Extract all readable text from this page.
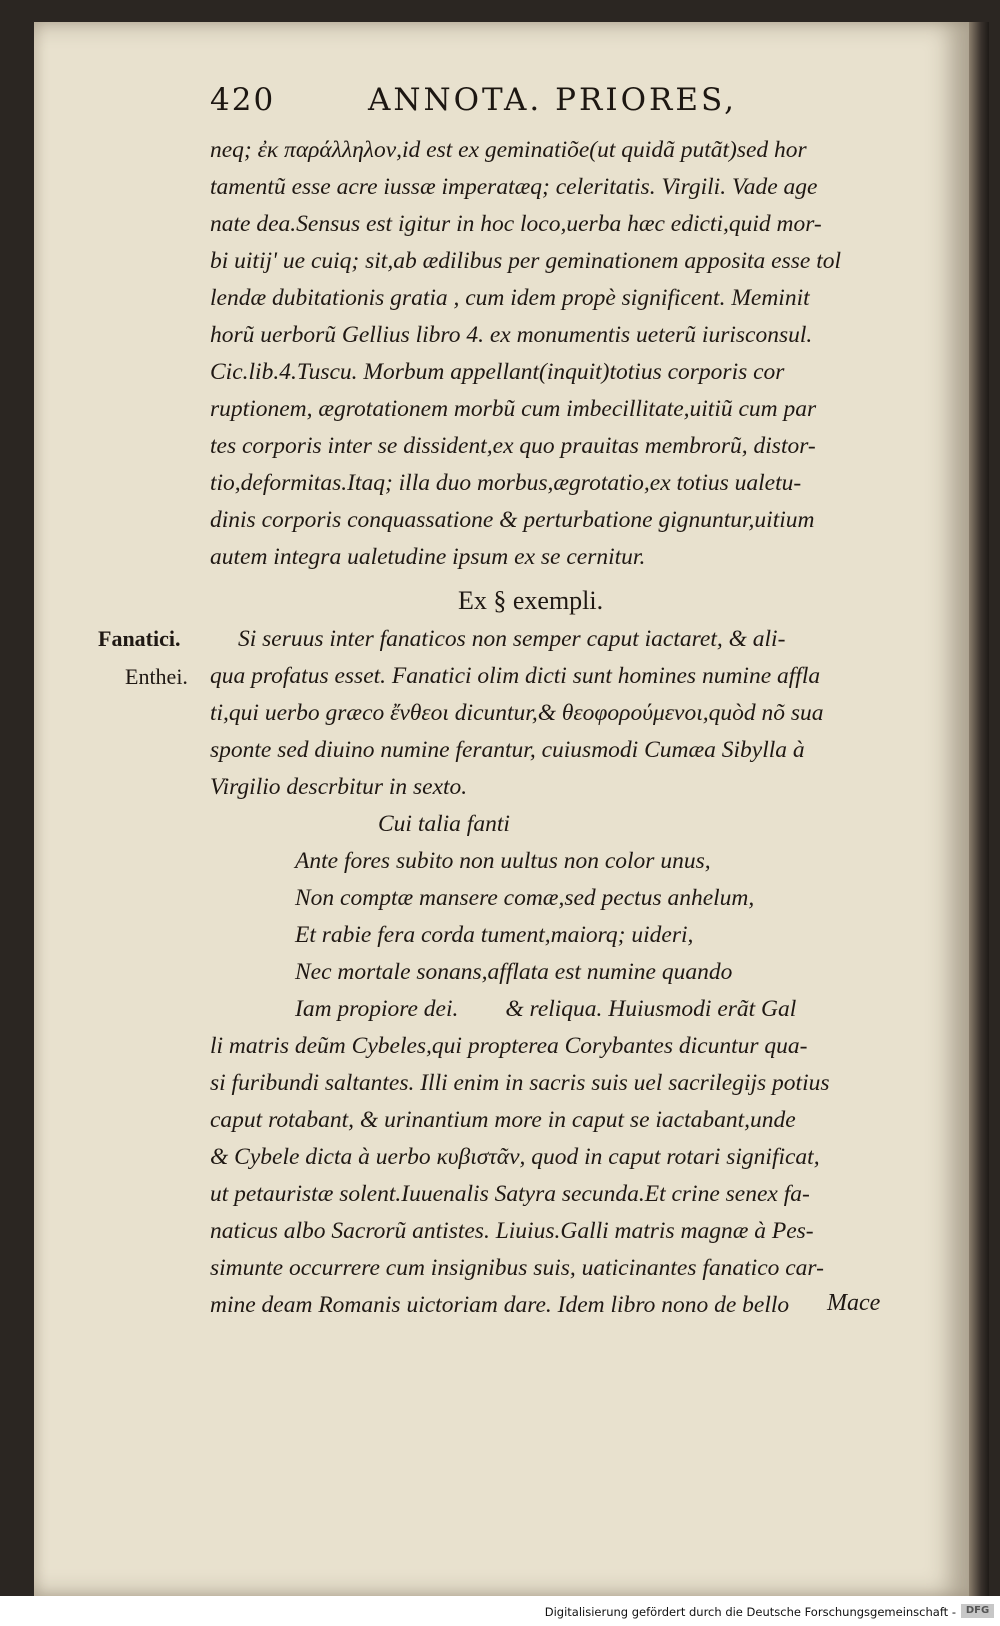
420	ANNOTA. PRIORES,
neq; ἐκ παράλληλον,id est ex geminatiõe(ut quidã putãt)sed hor
tamentũ esse acre iussæ imperatæq; celeritatis. Virgili. Vade age
nate dea.Sensus est igitur in hoc loco,uerba hæc edicti,quid mor-
bi uitij' ue cuiq; sit,ab ædilibus per geminationem apposita esse tol
lendæ dubitationis gratia , cum idem propè significent. Meminit
horũ uerborũ Gellius libro 4. ex monumentis ueterũ iurisconsul.
Cic.lib.4.Tuscu. Morbum appellant(inquit)totius corporis cor
ruptionem, ægrotationem morbũ cum imbecillitate,uitiũ cum par
tes corporis inter se dissident,ex quo prauitas membrorũ, distor-
tio,deformitas.Itaq; illa duo morbus,ægrotatio,ex totius ualetu-
dinis corporis conquassatione & perturbatione gignuntur,uitium
autem integra ualetudine ipsum ex se cernitur.
Ex § exempli.
Fanatici.
Enthei.
Si seruus inter fanaticos non semper caput iactaret, & ali-
qua profatus esset. Fanatici olim dicti sunt homines numine affla
ti,qui uerbo græco ἔνθεοι dicuntur,& θεοφορούμενοι,quòd nõ sua
sponte sed diuino numine ferantur, cuiusmodi Cumæa Sibylla à
Virgilio descrbitur in sexto.
Cui talia fanti
Ante fores subito non uultus non color unus,
Non comptæ mansere comæ,sed pectus anhelum,
Et rabie fera corda tument,maiorq; uideri,
Nec mortale sonans,afflata est numine quando
Iam propiore dei.        & reliqua. Huiusmodi erãt Gal
li matris deũm Cybeles,qui propterea Corybantes dicuntur qua-
si furibundi saltantes. Illi enim in sacris suis uel sacrilegijs potius
caput rotabant, & urinantium more in caput se iactabant,unde
& Cybele dicta à uerbo κυβιστᾶν, quod in caput rotari significat,
ut petauristæ solent.Iuuenalis Satyra secunda.Et crine senex fa-
naticus albo Sacrorũ antistes. Liuius.Galli matris magnæ à Pes-
simunte occurrere cum insignibus suis, uaticinantes fanatico car-
mine deam Romanis uictoriam dare. Idem libro nono de bello Mace
Digitalisierung gefördert durch die Deutsche Forschungsgemeinschaft - DFG
